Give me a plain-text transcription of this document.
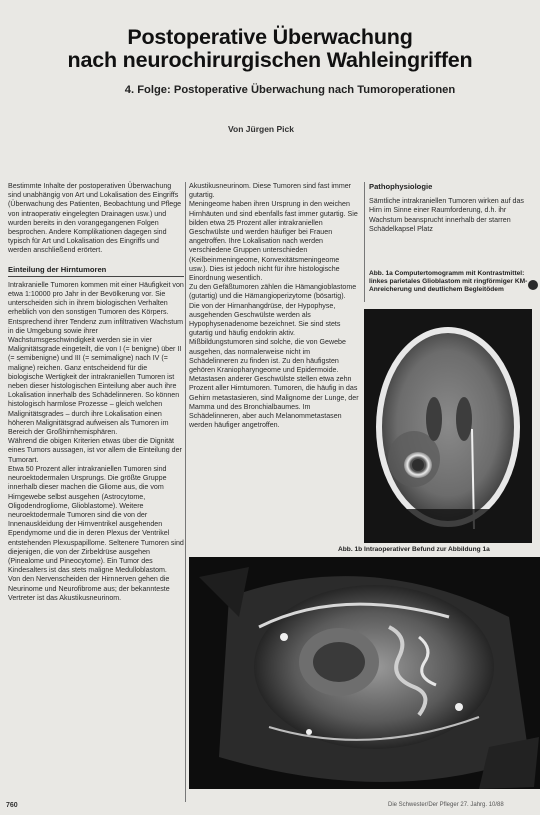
Postoperative Überwachung
nach neurochirurgischen Wahleingriffen
4. Folge: Postoperative Überwachung nach Tumoroperationen
Von Jürgen Pick

Bestimmte Inhalte der postoperativen Überwachung sind unabhängig von Art und Lokalisation des Eingriffs (Überwachung des Patienten, Beobachtung und Pflege von intraoperativ eingelegten Drainagen usw.) und wurden bereits in den vorangegangenen Folgen besprochen. Andere Komplikationen dagegen sind typisch für Art und Lokalisation des Eingriffs und werden anschließend erörtert.

Einteilung der Hirntumoren

Intrakranielle Tumoren kommen mit einer Häufigkeit von etwa 1:10000 pro Jahr in der Bevölkerung vor. Sie unterscheiden sich in ihrem biologischen Verhalten erheblich von den sonstigen Tumoren des Körpers.

Entsprechend ihrer Tendenz zum infiltrativen Wachstum in die Umgebung sowie ihrer Wachstumsgeschwindigkeit werden sie in vier Malignitätsgrade eingeteilt, die von I (= benigne) über II (= semibenigne) und III (= semimaligne) nach IV (= maligne) reichen. Ganz entscheidend für die biologische Wertigkeit der intrakraniellen Tumoren ist neben dieser histologischen Einteilung aber auch ihre Lokalisation innerhalb des Schädelinneren. So können histologisch harmlose Prozesse – gleich welchen Malignitätsgrades – durch ihre Lokalisation einen höheren Malignitätsgrad aufweisen als Tumoren im Bereich der Großhirnhemisphären.

Während die obigen Kriterien etwas über die Dignität eines Tumors aussagen, ist vor allem die Einteilung der Tumorart.

Etwa 50 Prozent aller intrakraniellen Tumoren sind neuroektodermalen Ursprungs. Die größte Gruppe innerhalb dieser machen die Gliome aus, die vom Hirngewebe selbst ausgehen (Astrocytome, Oligodendrogliome, Glioblastome). Weitere neuroektodermale Tumoren sind die von der Innenauskleidung der Hirnventrikel ausgehenden Ependymome und die in deren Plexus der Ventrikel entstehenden Plexuspapillome. Seltenere Tumoren sind diejenigen, die von der Zirbeldrüse ausgehen (Pinealome und Pineocytome). Ein Tumor des Kindesalters ist das stets maligne Medulloblastom.

Von den Nervenscheiden der Hirnnerven gehen die Neurinome und Neurofibrome aus; der bekannteste Vertreter ist das Akustikusneurinom.

Akustikusneurinom. Diese Tumoren sind fast immer gutartig.

Meningeome haben ihren Ursprung in den weichen Hirnhäuten und sind ebenfalls fast immer gutartig. Sie bilden etwa 25 Prozent aller intrakraniellen Geschwülste und werden häufiger bei Frauen angetroffen. Ihre Lokalisation nach werden verschiedene Gruppen unterschieden (Keilbeinmeningeome, Konvexitätsmeningeome usw.). Dies ist jedoch nicht für ihre histologische Einordnung wesentlich.

Zu den Gefäßtumoren zählen die Hämangioblastome (gutartig) und die Hämangioperizytome (bösartig).

Die von der Hirnanhangdrüse, der Hypophyse, ausgehenden Geschwülste werden als Hypophysenadenome bezeichnet. Sie sind stets gutartig und häufig endokrin aktiv.

Mißbildungstumoren sind solche, die von Gewebe ausgehen, das normalerweise nicht im Schädelinneren zu finden ist. Zu den häufigsten gehören Kraniopharyngeome und Epidermoide.

Metastasen anderer Geschwülste stellen etwa zehn Prozent aller Hirntumoren. Tumoren, die häufig in das Gehirn metastasieren, sind Malignome der Lunge, der Mamma und des Bronchialbaumes. Im Schädelinneren, aber auch Melanommetastasen werden häufiger angetroffen.

Pathophysiologie

Sämtliche intrakraniellen Tumoren wirken auf das Hirn im Sinne einer Raumforderung, d.h. ihr Wachstum beansprucht innerhalb der starren Schädelkapsel Platz

Abb. 1a Computertomogramm mit Kontrastmittel: linkes parietales Glioblastom mit ringförmiger KM-Anreicherung und deutlichem Begleitödem
Abb. 1b Intraoperativer Befund zur Abbildung 1a
760	Die Schwester/Der Pfleger 27. Jahrg. 10/88
